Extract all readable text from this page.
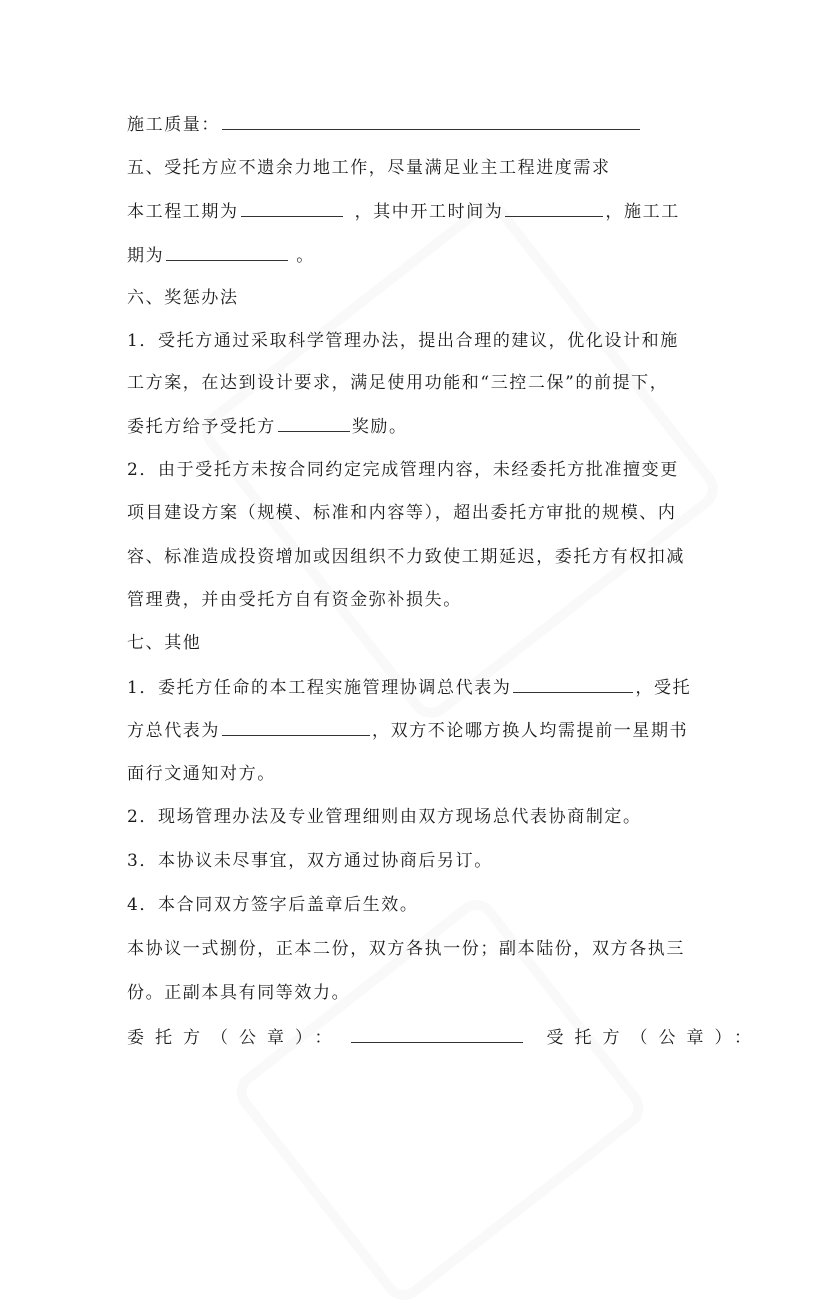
施工质量：
五、受托方应不遗余力地工作，尽量满足业主工程进度需求
本工程工期为	，其中开工时间为	，施工工
期为	。
六、奖惩办法
1．受托方通过采取科学管理办法，提出合理的建议，优化设计和施
工方案，在达到设计要求，满足使用功能和“三控二保”的前提下，
委托方给予受托方	奖励。
2．由于受托方未按合同约定完成管理内容，未经委托方批准擅变更
项目建设方案（规模、标准和内容等），超出委托方审批的规模、内
容、标准造成投资增加或因组织不力致使工期延迟，委托方有权扣减
管理费，并由受托方自有资金弥补损失。
七、其他
1．委托方任命的本工程实施管理协调总代表为	，受托
方总代表为	，双方不论哪方换人均需提前一星期书
面行文通知对方。
2．现场管理办法及专业管理细则由双方现场总代表协商制定。
3．本协议未尽事宜，双方通过协商后另订。
4．本合同双方签字后盖章后生效。
本协议一式捌份，正本二份，双方各执一份；副本陆份，双方各执三
份。正副本具有同等效力。
委托方（公章）：	受托方（公章）：
